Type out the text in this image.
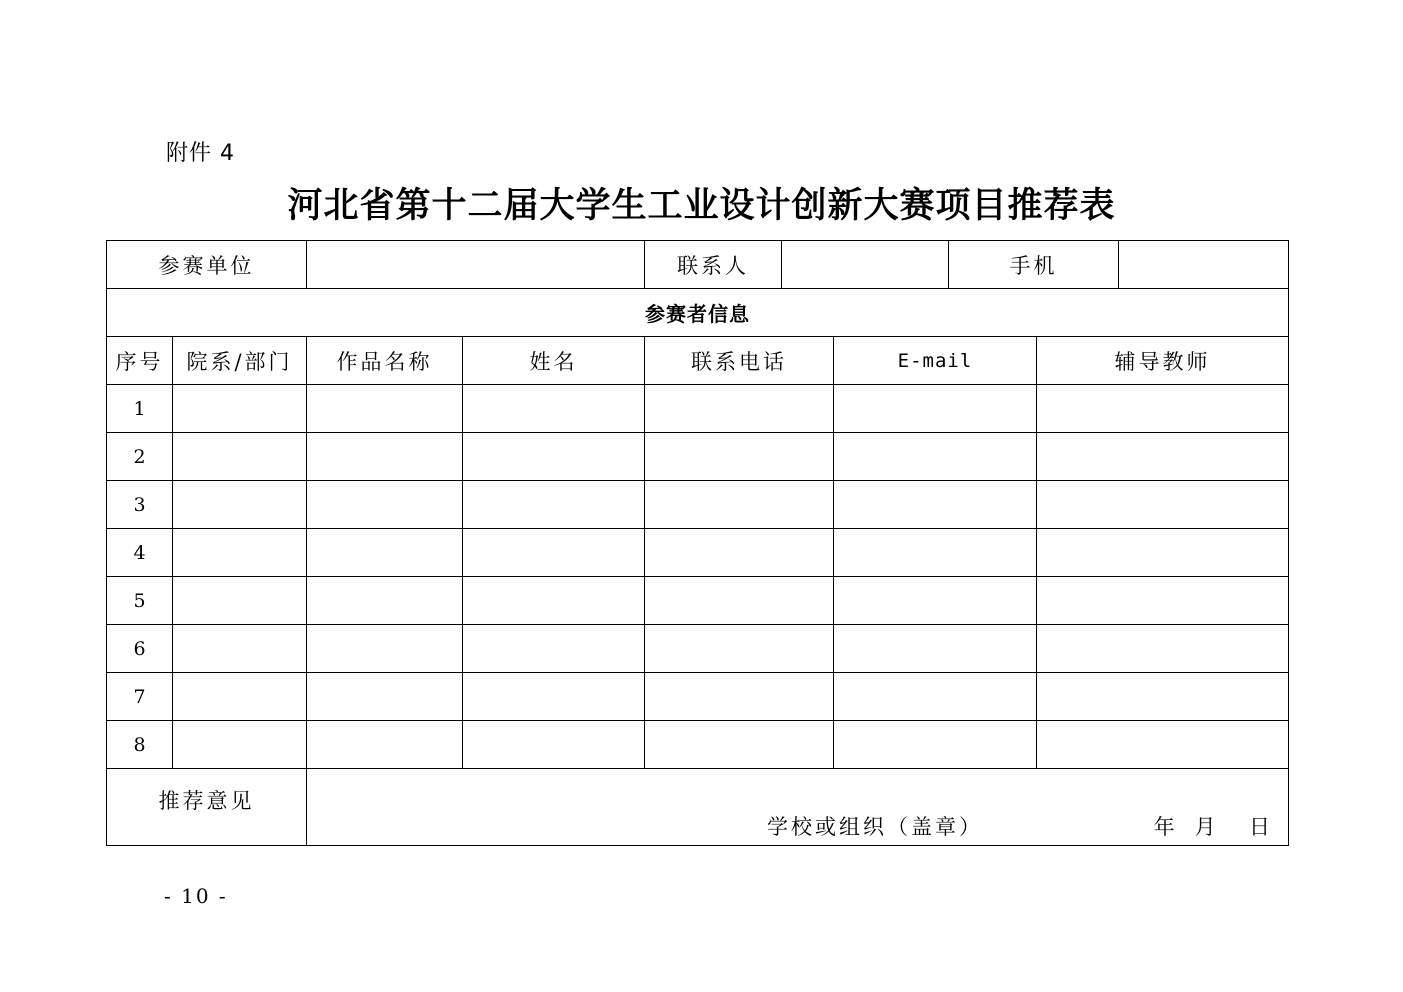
附件 4
河北省第十二届大学生工业设计创新大赛项目推荐表
参赛单位				联系人			手机		
参赛者信息									
序号	院系/部门	作品名称	姓名	联系电话		E-mail		辅导教师	
1									
2									
3									
4									
5									
6									
7									
8									
推荐意见		学校或组织（盖章） 年 月 日							
- 10 -
